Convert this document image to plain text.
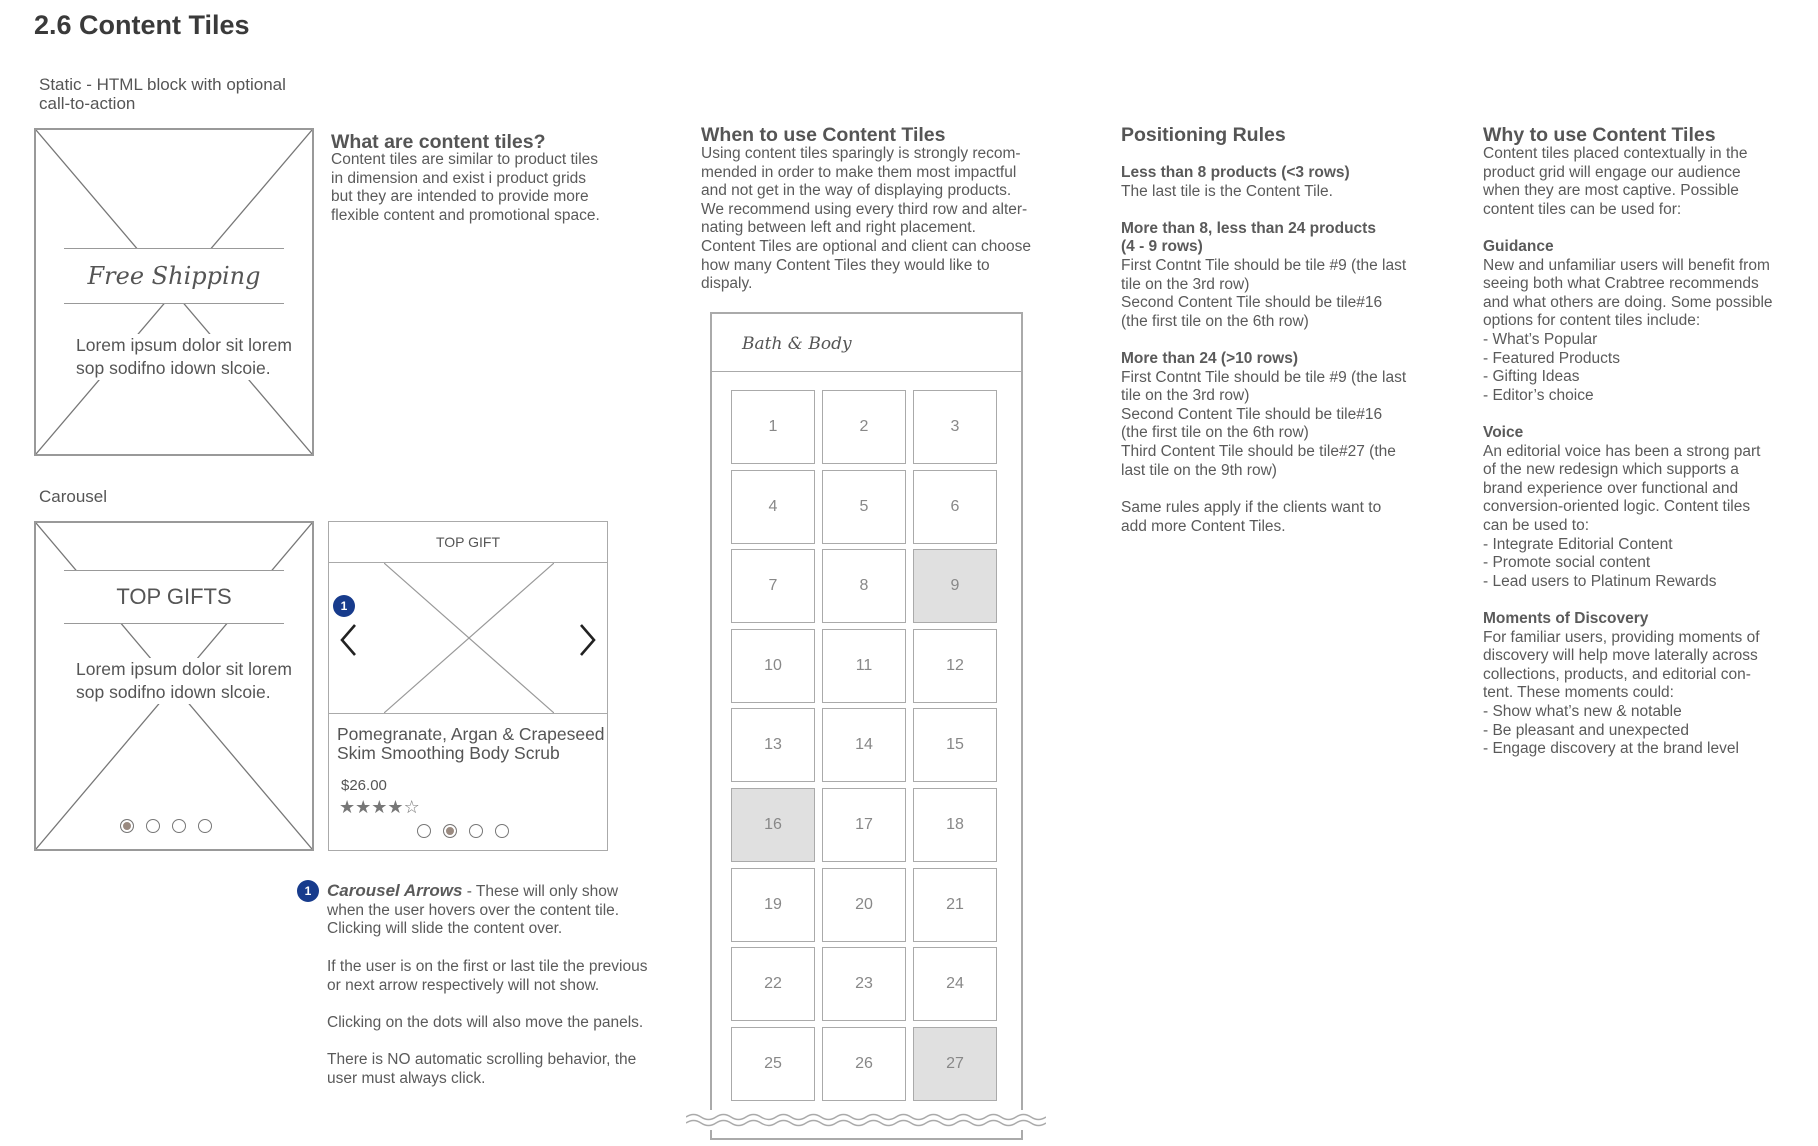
2.6 Content Tiles
Static - HTML block with optional
call-to-action
Free Shipping
Lorem ipsum dolor sit lorem
sop sodifno idown slcoie.
What are content tiles?
Content tiles are similar to product tiles
in dimension and exist i product grids
but they are intended to provide more
flexible content and promotional space.
Carousel
TOP GIFTS
Lorem ipsum dolor sit lorem
sop sodifno idown slcoie.
TOP GIFT
1
Pomegranate, Argan & Crapeseed
Skim Smoothing Body Scrub
$26.00
★★★★☆
1 Carousel Arrows - These will only show
when the user hovers over the content tile.
Clicking will slide the content over.
If the user is on the first or last tile the previous
or next arrow respectively will not show.
Clicking on the dots will also move the panels.
There is NO automatic scrolling behavior, the
user must always click.
When to use Content Tiles
Using content tiles sparingly is strongly recom-
mended in order to make them most impactful
and not get in the way of displaying products.
We recommend using every third row and alter-
nating between left and right placement.
Content Tiles are optional and client can choose
how many Content Tiles they would like to
dispaly.
Bath & Body
1	2	3
4	5	6
7	8	9
10	11	12
13	14	15
16	17	18
19	20	21
22	23	24
25	26	27
Positioning Rules
Less than 8 products (<3 rows)
The last tile is the Content Tile.
More than 8, less than 24 products
(4 - 9 rows)
First Contnt Tile should be tile #9 (the last
tile on the 3rd row)
Second Content Tile should be tile#16
(the first tile on the 6th row)
More than 24 (>10 rows)
First Contnt Tile should be tile #9 (the last
tile on the 3rd row)
Second Content Tile should be tile#16
(the first tile on the 6th row)
Third Content Tile should be tile#27 (the
last tile on the 9th row)
Same rules apply if the clients want to
add more Content Tiles.
Why to use Content Tiles
Content tiles placed contextually in the
product grid will engage our audience
when they are most captive. Possible
content tiles can be used for:
Guidance
New and unfamiliar users will benefit from
seeing both what Crabtree recommends
and what others are doing. Some possible
options for content tiles include:
- What’s Popular
- Featured Products
- Gifting Ideas
- Editor’s choice
Voice
An editorial voice has been a strong part
of the new redesign which supports a
brand experience over functional and
conversion-oriented logic. Content tiles
can be used to:
- Integrate Editorial Content
- Promote social content
- Lead users to Platinum Rewards
Moments of Discovery
For familiar users, providing moments of
discovery will help move laterally across
collections, products, and editorial con-
tent. These moments could:
- Show what’s new & notable
- Be pleasant and unexpected
- Engage discovery at the brand level
